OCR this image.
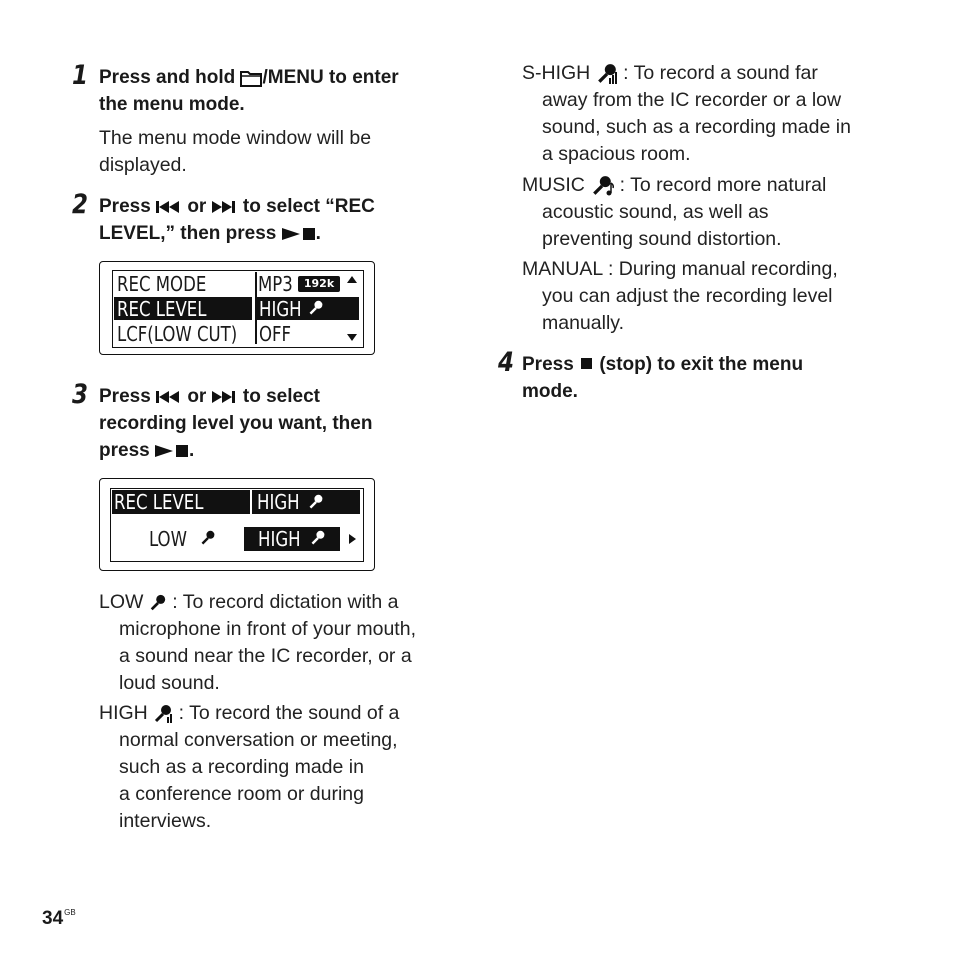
1 Press and hold /MENU to enter
the menu mode.
The menu mode window will be
displayed.
2 Press  or  to select “REC
LEVEL,” then press .
REC MODE	MP3	192k
REC LEVEL	HIGH
LCF(LOW CUT) OFF
3 Press  or  to select
recording level you want, then
press .
REC LEVEL	HIGH
LOW	HIGH
LOW  : To record dictation with a
microphone in front of your mouth,
a sound near the IC recorder, or a
loud sound.
HIGH  : To record the sound of a
normal conversation or meeting,
such as a recording made in
a conference room or during
interviews.
S-HIGH  : To record a sound far
away from the IC recorder or a low
sound, such as a recording made in
a spacious room.
MUSIC  : To record more natural
acoustic sound, as well as
preventing sound distortion.
MANUAL : During manual recording,
you can adjust the recording level
manually.
4 Press  (stop) to exit the menu
mode.
$34^{GB}$
